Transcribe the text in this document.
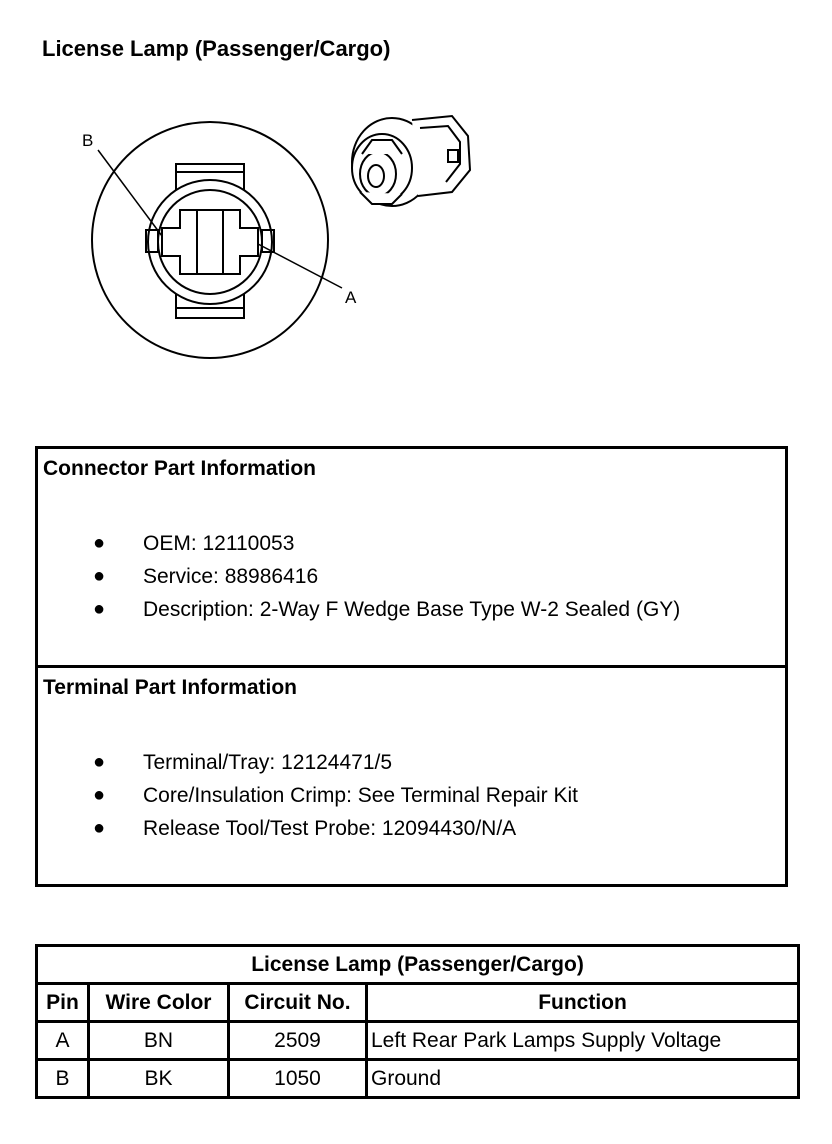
License Lamp (Passenger/Cargo)
B
A
Connector Part Information
● OEM: 12110053
● Service: 88986416
● Description: 2-Way F Wedge Base Type W-2 Sealed (GY)
Terminal Part Information
● Terminal/Tray: 12124471/5
● Core/Insulation Crimp: See Terminal Repair Kit
● Release Tool/Test Probe: 12094430/N/A
License Lamp (Passenger/Cargo)			
Pin	Wire Color	Circuit No.	Function
A	BN	2509	Left Rear Park Lamps Supply Voltage
B	BK	1050	Ground
